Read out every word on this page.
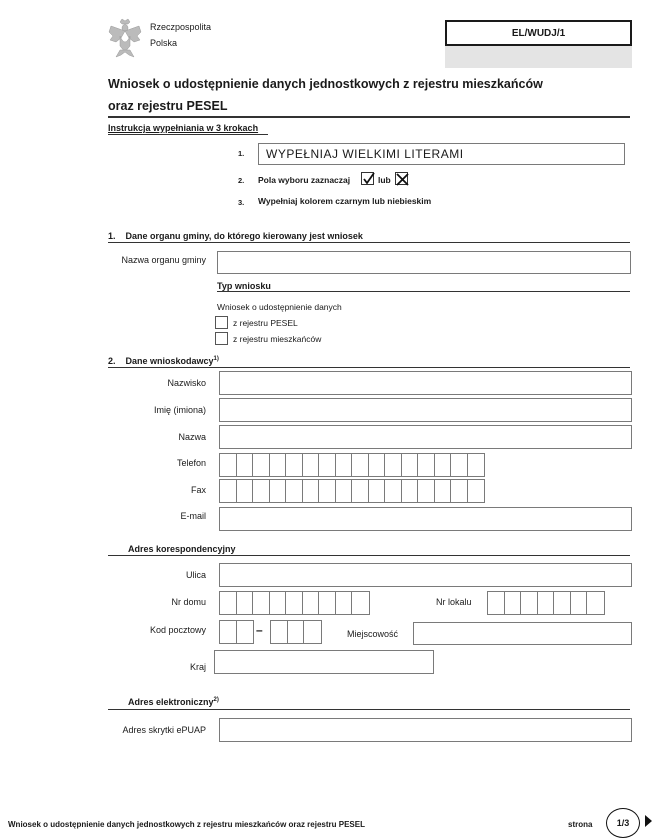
Rzeczpospolita
Polska
EL/WUDJ/1
Wniosek o udostępnienie danych jednostkowych z rejestru mieszkańców
oraz rejestru PESEL
Instrukcja wypełniania w 3 krokach
1. WYPEŁNIAJ WIELKIMI LITERAMI
2. Pola wyboru zaznaczaj	lub
3. Wypełniaj kolorem czarnym lub niebieskim
1.    Dane organu gminy, do którego kierowany jest wniosek
Nazwa organu gminy
Typ wniosku
Wniosek o udostępnienie danych
z rejestru PESEL
z rejestru mieszkańców
2.    Dane wnioskodawcy$^{1)}$
Nazwisko
Imię (imiona)
Nazwa
Telefon
Fax
E-mail
Adres korespondencyjny
Ulica
Nr domu	Nr lokalu
Kod pocztowy	–	Miejscowość
Kraj
Adres elektroniczny$^{2)}$
Adres skrytki ePUAP
Wniosek o udostępnienie danych jednostkowych z rejestru mieszkańców oraz rejestru PESEL	strona	1/3
